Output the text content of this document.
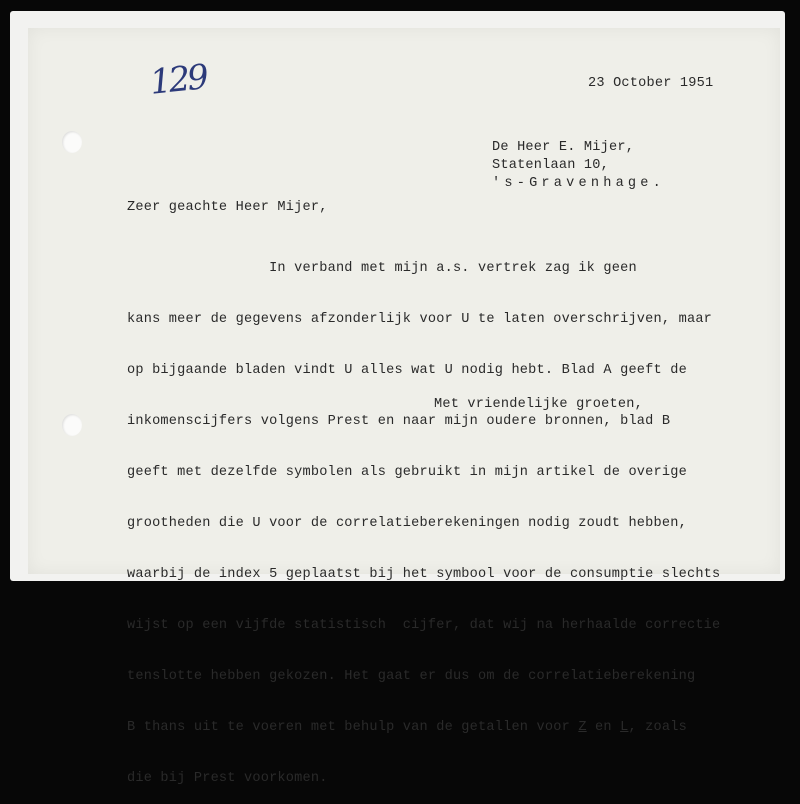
129	23 October 1951
De Heer E. Mijer,
Statenlaan 10,
's-Gravenhage.
Zeer geachte Heer Mijer,

In verband met mijn a.s. vertrek zag ik geen

kans meer de gegevens afzonderlijk voor U te laten overschrijven, maar

op bijgaande bladen vindt U alles wat U nodig hebt. Blad A geeft de

inkomenscijfers volgens Prest en naar mijn oudere bronnen, blad B

geeft met dezelfde symbolen als gebruikt in mijn artikel de overige

grootheden die U voor de correlatieberekeningen nodig zoudt hebben,

waarbij de index 5 geplaatst bij het symbool voor de consumptie slechts

wijst op een vijfde statistisch  cijfer, dat wij na herhaalde correctie

tenslotte hebben gekozen. Het gaat er dus om de correlatieberekening

B thans uit te voeren met behulp van de getallen voor Z en L, zoals

die bij Prest voorkomen.

Met vriendelijke groeten,
